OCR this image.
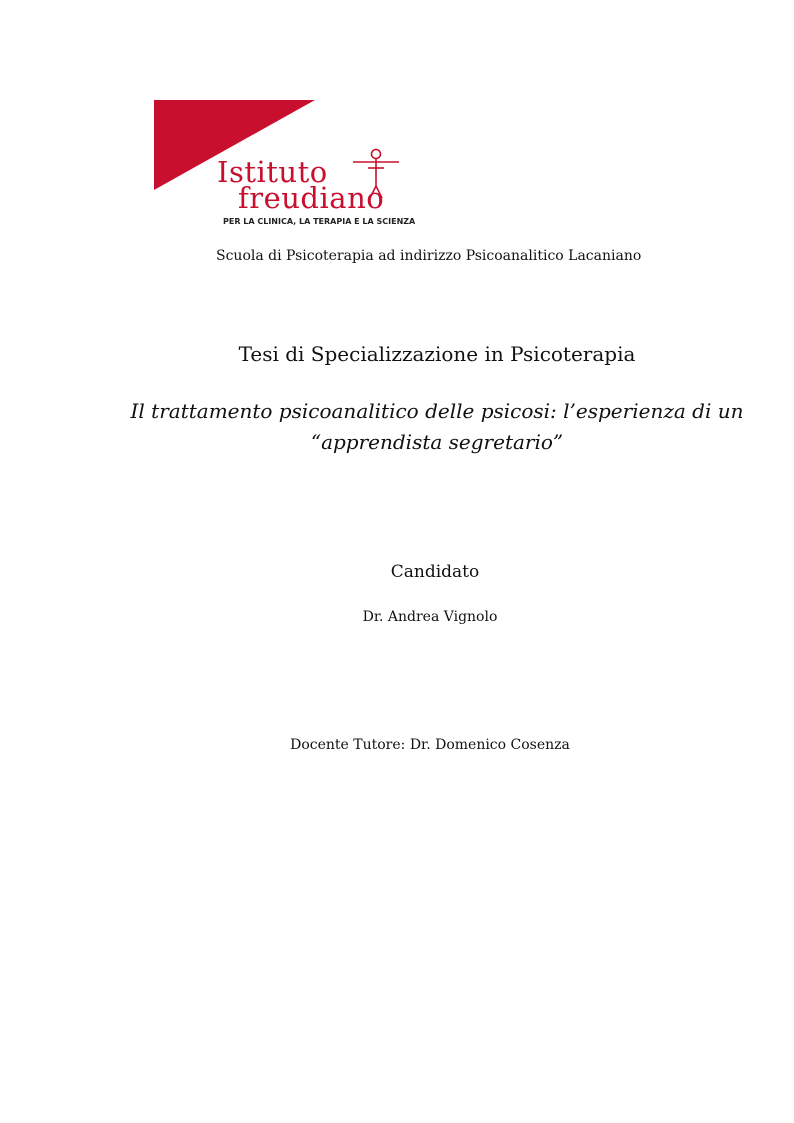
Istituto
freudiano
PER LA CLINICA, LA TERAPIA E LA SCIENZA
Scuola di Psicoterapia ad indirizzo Psicoanalitico Lacaniano
Tesi di Specializzazione in Psicoterapia
Il trattamento psicoanalitico delle psicosi: l’esperienza di un
“apprendista segretario”
Candidato
Dr. Andrea Vignolo
Docente Tutore: Dr. Domenico Cosenza
